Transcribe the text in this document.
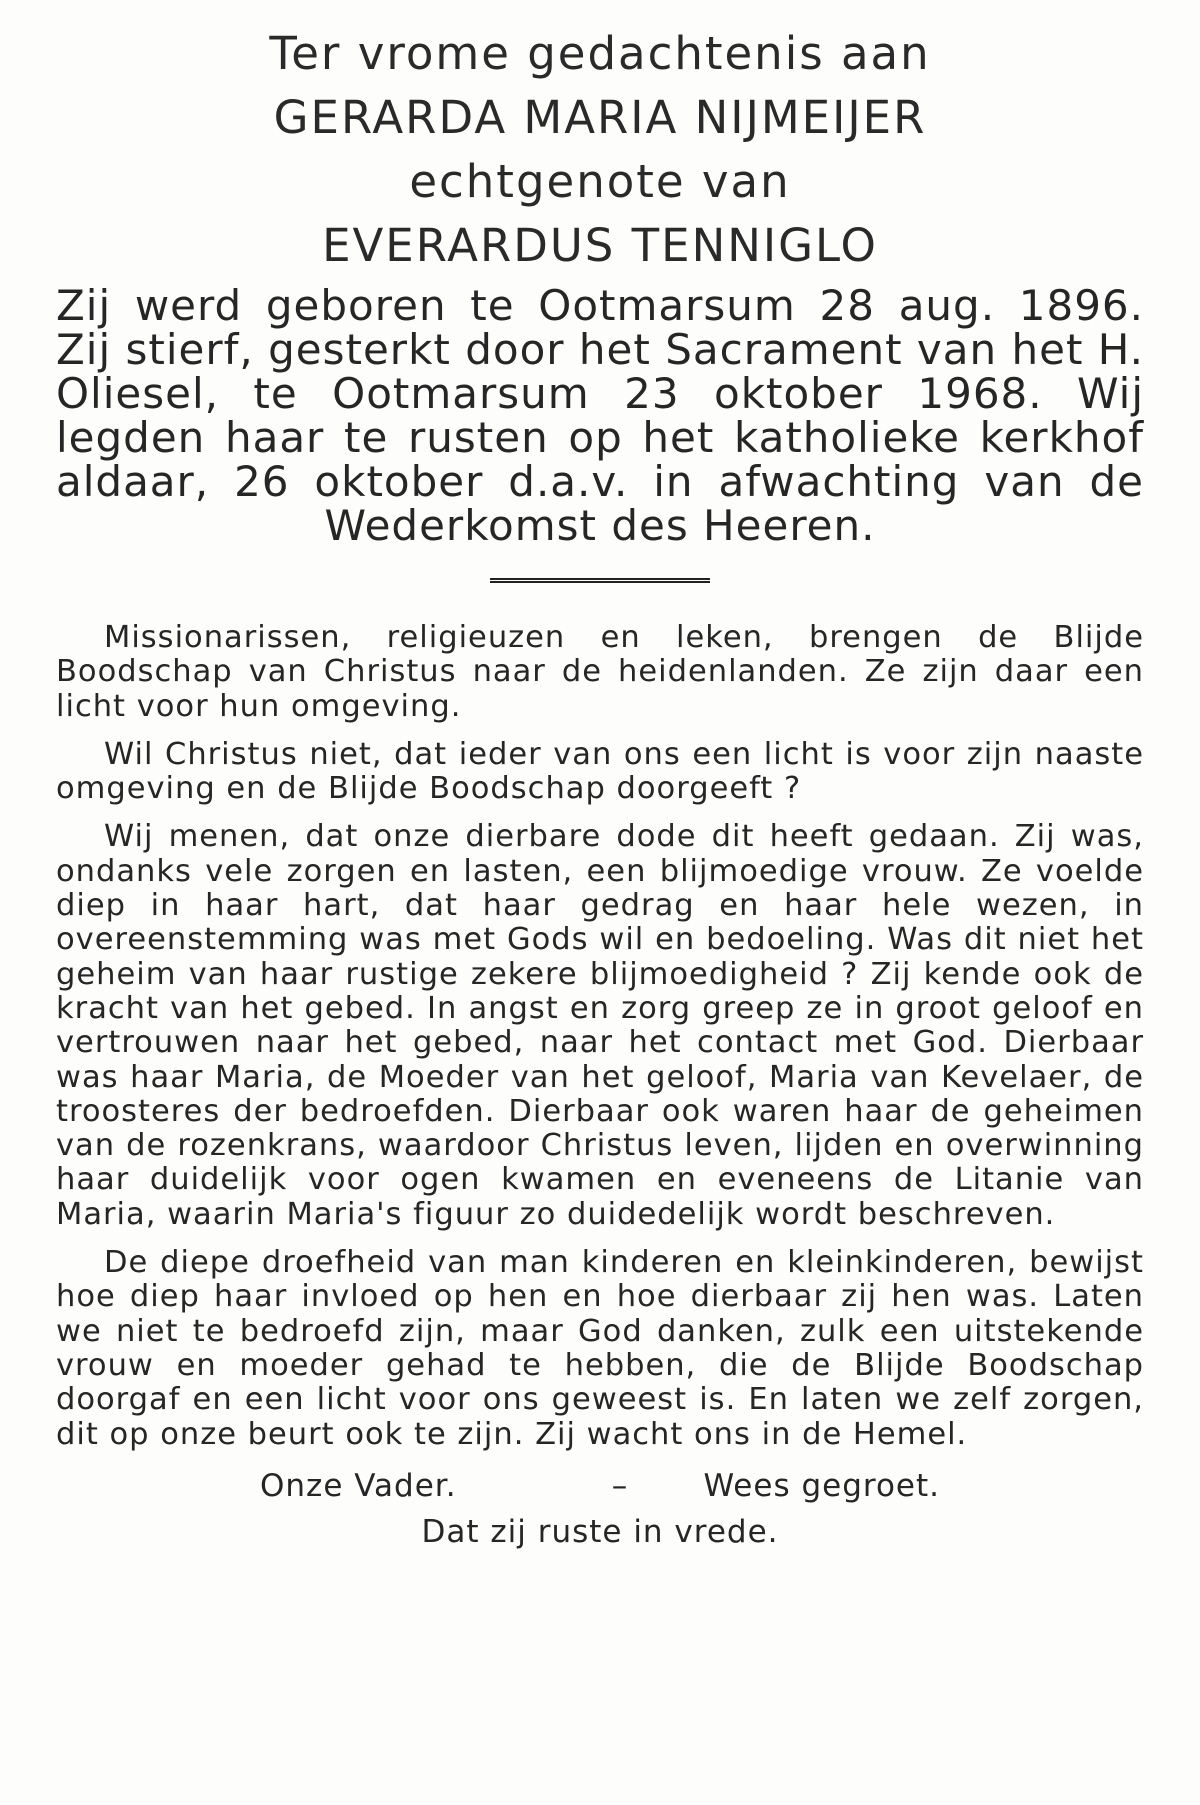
Ter vrome gedachtenis aan
GERARDA MARIA NIJMEIJER
echtgenote van
EVERARDUS TENNIGLO
Zij werd geboren te Ootmarsum 28 aug. 1896. Zij stierf, gesterkt door het Sacrament van het H. Oliesel, te Ootmarsum 23 oktober 1968. Wij legden haar te rusten op het katholieke kerkhof aldaar, 26 oktober d.a.v. in afwachting van de Wederkomst des Heeren.

Missionarissen, religieuzen en leken, brengen de Blijde Boodschap van Christus naar de heidenlanden. Ze zijn daar een licht voor hun omgeving.

Wil Christus niet, dat ieder van ons een licht is voor zijn naaste omgeving en de Blijde Boodschap doorgeeft ?

Wij menen, dat onze dierbare dode dit heeft gedaan. Zij was, ondanks vele zorgen en lasten, een blijmoedige vrouw. Ze voelde diep in haar hart, dat haar gedrag en haar hele wezen, in overeenstemming was met Gods wil en bedoeling. Was dit niet het geheim van haar rustige zekere blijmoedigheid ? Zij kende ook de kracht van het gebed. In angst en zorg greep ze in groot geloof en vertrouwen naar het gebed, naar het contact met God. Dierbaar was haar Maria, de Moeder van het geloof, Maria van Kevelaer, de troosteres der bedroefden. Dierbaar ook waren haar de geheimen van de rozenkrans, waardoor Christus leven, lijden en overwinning haar duidelijk voor ogen kwamen en eveneens de Litanie van Maria, waarin Maria's figuur zo duidedelijk wordt beschreven.

De diepe droefheid van man kinderen en kleinkinderen, bewijst hoe diep haar invloed op hen en hoe dierbaar zij hen was. Laten we niet te bedroefd zijn, maar God danken, zulk een uitstekende vrouw en moeder gehad te hebben, die de Blijde Boodschap doorgaf en een licht voor ons geweest is. En laten we zelf zorgen, dit op onze beurt ook te zijn. Zij wacht ons in de Hemel.

Onze Vader.	–	Wees gegroet.
Dat zij ruste in vrede.
